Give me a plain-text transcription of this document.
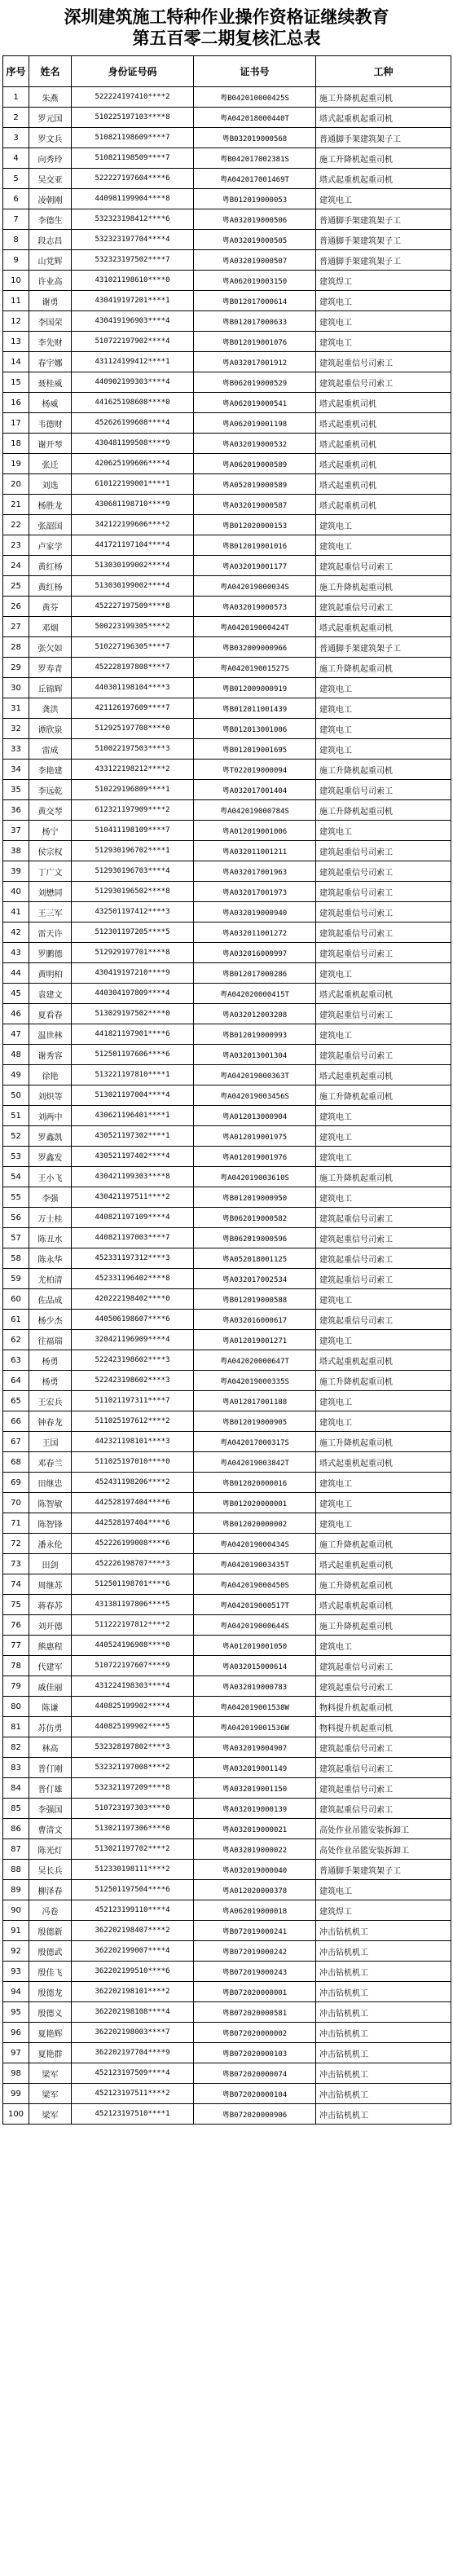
深圳建筑施工特种作业操作资格证继续教育
第五百零二期复核汇总表
序号	姓名	身份证号码	证书号	工种
1	朱燕	522224197410****2	粤B042010000425S	施工升降机起重司机
2	罗元国	510225197103****8	粤A042018000440T	塔式起重机起重司机
3	罗文兵	510821198609****7	粤B032019000568	普通脚手架建筑架子工
4	向秀玲	510821198509****7	粤B042017002381S	施工升降机起重司机
5	吴交亚	522227197604****6	粤A042017001469T	塔式起重机起重司机
6	凌朝刚	440981199904****8	粤B012019000053	建筑电工
7	李德生	532323198412****6	粤A032019000506	普通脚手架建筑架子工
8	段志昌	532323197704****4	粤A032019000505	普通脚手架建筑架子工
9	山党辉	532323197502****7	粤A032019000507	普通脚手架建筑架子工
10	许业高	431021198610****0	粤A062019003150	建筑焊工
11	谢勇	430419197201****1	粤B012017000614	建筑电工
12	李国荣	430419196903****4	粤B012017000633	建筑电工
13	李先财	510722197902****4	粤B012019001076	建筑电工
14	春宇娜	431124199412****1	粤A032017001912	建筑起重信号司索工
15	聂桂威	440902199303****4	粤B062019000529	建筑起重信号司索工
16	杨威	441625198608****0	粤A062019000541	塔式起重机司机
17	韦德财	452626199608****4	粤A062019001198	塔式起重机司机
18	谢开琴	430481199508****9	粤A032019000532	塔式起重机司机
19	张迁	420625199606****4	粤A062019000589	塔式起重机司机
20	刘选	610122199001****1	粤A052019000589	塔式起重机司机
21	杨胜龙	430681198710****9	粤A032019000587	塔式起重机司机
22	张韶国	342122199606****2	粤B012020000153	建筑电工
23	卢家学	441721197104****4	粤B012019001016	建筑电工
24	黄红杨	513030199002****4	粤A032019001177	建筑起重信号司索工
25	黄红杨	513030199002****4	粤A042019000034S	施工升降机起重司机
26	黄芬	452227197509****8	粤A032019000573	建筑起重信号司索工
27	邓烟	500223199305****2	粤A042019000424T	塔式起重机起重司机
28	张欠如	510227196305****7	粤B032009000966	普通脚手架建筑架子工
29	罗寿青	452228197808****7	粤A042019001527S	施工升降机起重司机
30	丘锦辉	440301198104****3	粤B012009000919	建筑电工
31	龚洪	421126197609****7	粤B012011001439	建筑电工
32	谭欣泉	512925197708****0	粤B012013001006	建筑电工
33	雷成	510022197503****3	粤B012019001695	建筑电工
34	李艳建	433122198212****2	粤T022019000094	施工升降机起重司机
35	李远乾	510229196809****1	粤A032017001404	建筑起重信号司索工
36	黄交琴	612321197909****2	粤A042019000784S	施工升降机起重司机
37	杨宁	510411198109****7	粤A012019001006	建筑电工
38	侯宗权	512930196702****1	粤A032011001211	建筑起重信号司索工
39	丁广文	512930196703****4	粤A032017001963	建筑起重信号司索工
40	刘懋同	512930196502****8	粤A032017001973	建筑起重信号司索工
41	王三军	432501197412****3	粤A032019000940	建筑起重信号司索工
42	雷天许	512301197205****5	粤A032011001272	建筑起重信号司索工
43	罗鹏德	512929197701****8	粤A032016000997	建筑起重信号司索工
44	黄明柏	430419197210****9	粤B012017000286	建筑电工
45	袁建文	440304197809****4	粤A042020000415T	塔式起重机起重司机
46	夏看春	513029197502****0	粤A032012003208	建筑起重信号司索工
47	温世林	441821197901****6	粤B012019000993	建筑电工
48	谢秀容	512501197606****6	粤A032013001304	建筑起重信号司索工
49	徐艳	513221197810****1	粤A042019000363T	塔式起重机起重司机
50	刘炽等	513021197004****4	粤A042019003456S	施工升降机起重司机
51	刘两中	430621196401****1	粤A012013000904	建筑电工
52	罗鑫凯	430521197302****1	粤A012019001975	建筑电工
53	罗鑫发	430521197402****4	粤A012019001976	建筑电工
54	王小飞	430421199303****8	粤A042019003610S	施工升降机起重司机
55	李强	430421197511****2	粤B012019000950	建筑电工
56	万士桂	440821197109****4	粤B062019000582	建筑起重信号司索工
57	陈丑水	440821197003****7	粤B062019000596	建筑起重信号司索工
58	陈永华	452331197312****3	粤A052018001125	建筑起重信号司索工
59	尤柏清	452331196402****8	粤A032017002534	建筑起重信号司索工
60	佐品成	420222198402****0	粤B012019000588	建筑电工
61	杨少杰	440506198607****6	粤A032016000617	建筑起重信号司索工
62	往福瑞	320421196909****4	粤A012019001271	建筑电工
63	杨勇	522423198602****3	粤A042020000647T	塔式起重机起重司机
64	杨勇	522423198602****3	粤A042019000335S	施工升降机起重司机
65	王宏兵	511021197311****7	粤A012017001188	建筑电工
66	钟春龙	511025197612****2	粤B012019000905	建筑电工
67	王国	442321198101****3	粤A042017000317S	施工升降机起重司机
68	邓春兰	511025197010****0	粤A042019003842T	塔式起重机起重司机
69	田继忠	452431198206****2	粤B012020000016	建筑电工
70	陈智敏	442528197404****6	粤B012020000001	建筑电工
71	陈智锋	442528197404****6	粤B012020000002	建筑电工
72	潘永伦	452226199008****6	粤A042019000434S	施工升降机起重司机
73	田剑	452226198707****3	粤A042019003435T	塔式起重机起重司机
74	周继苏	512501198701****6	粤A042019000450S	施工升降机起重司机
75	蒋春苏	431381197806****5	粤A042019000517T	塔式起重机起重司机
76	刘开德	511222197812****2	粤A042019000644S	施工升降机起重司机
77	熊惠程	440524196908****0	粤A012019001050	建筑电工
78	代建军	510722197607****9	粤A032015000614	建筑起重信号司索工
79	戚佳丽	431224198303****4	粤A032019000783	建筑起重信号司索工
80	陈谦	440825199902****4	粤A042019001538W	物料提升机起重司机
81	苏仿勇	440825199902****5	粤A042019001536W	物料提升机起重司机
82	林高	532328197802****3	粤A032019004907	建筑起重信号司索工
83	普仃刚	532321197008****2	粤A032019001149	建筑起重信号司索工
84	普仃雄	532321197209****8	粤A032019001150	建筑起重信号司索工
85	李强国	510723197303****0	粤A032019000139	建筑起重信号司索工
86	曹清文	513021197306****0	粤A032019000021	高处作业吊篮安装拆卸工
87	陈光灯	513021197702****2	粤A032019000022	高处作业吊篮安装拆卸工
88	吴长兵	512330198111****2	粤A032019000040	普通脚手架建筑架子工
89	柳泽春	512501197504****6	粤A012020000378	建筑电工
90	冯卷	452123199110****4	粤A062019000018	建筑焊工
91	殷德新	362202198407****2	粤B072019000241	冲击钻机机工
92	殷德武	362202199007****4	粤B072019000242	冲击钻机机工
93	殷佳飞	362202199510****6	粤B072019000243	冲击钻机机工
94	殷德龙	362202198101****2	粤B072020000001	冲击钻机机工
95	殷德义	362202198108****4	粤B072020000581	冲击钻机机工
96	夏艳辉	362202198003****7	粤B072020000002	冲击钻机机工
97	夏艳群	362202197704****9	粤B072020000103	冲击钻机机工
98	梁军	452123197509****4	粤B072020000074	冲击钻机机工
99	梁军	452123197511****2	粤B072020000104	冲击钻机机工
100	梁军	452123197510****1	粤B072020000906	冲击钻机机工
